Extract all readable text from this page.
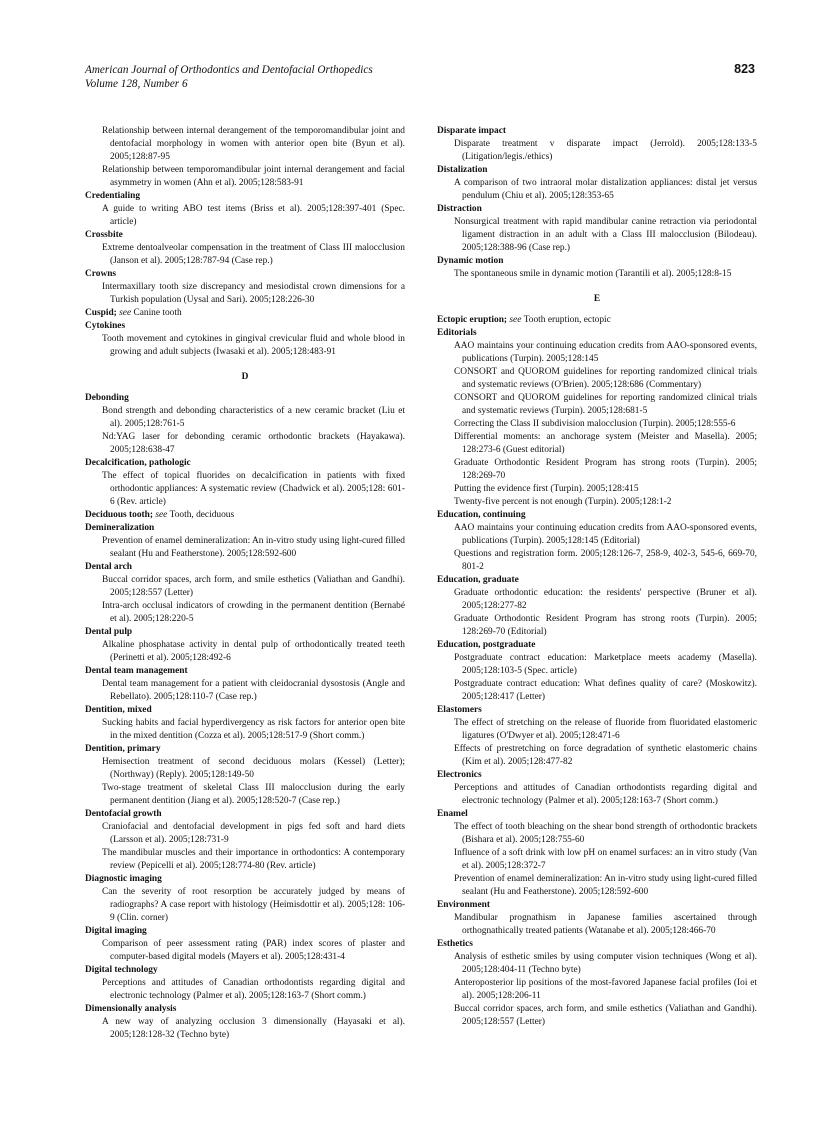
American Journal of Orthodontics and Dentofacial Orthopedics
Volume 128, Number 6
823
Relationship between internal derangement of the temporomandibular joint and dentofacial morphology in women with anterior open bite (Byun et al). 2005;128:87-95
Relationship between temporomandibular joint internal derangement and facial asymmetry in women (Ahn et al). 2005;128:583-91
Credentialing
A guide to writing ABO test items (Briss et al). 2005;128:397-401 (Spec. article)
Crossbite
Extreme dentoalveolar compensation in the treatment of Class III malocclusion (Janson et al). 2005;128:787-94 (Case rep.)
Crowns
Intermaxillary tooth size discrepancy and mesiodistal crown dimensions for a Turkish population (Uysal and Sari). 2005;128:226-30
Cuspid; see Canine tooth
Cytokines
Tooth movement and cytokines in gingival crevicular fluid and whole blood in growing and adult subjects (Iwasaki et al). 2005;128:483-91
D
Debonding
Bond strength and debonding characteristics of a new ceramic bracket (Liu et al). 2005;128:761-5
Nd:YAG laser for debonding ceramic orthodontic brackets (Hayakawa). 2005;128:638-47
Decalcification, pathologic
The effect of topical fluorides on decalcification in patients with fixed orthodontic appliances: A systematic review (Chadwick et al). 2005;128: 601-6 (Rev. article)
Deciduous tooth; see Tooth, deciduous
Demineralization
Prevention of enamel demineralization: An in-vitro study using light-cured filled sealant (Hu and Featherstone). 2005;128:592-600
Dental arch
Buccal corridor spaces, arch form, and smile esthetics (Valiathan and Gandhi). 2005;128:557 (Letter)
Intra-arch occlusal indicators of crowding in the permanent dentition (Bernabé et al). 2005;128:220-5
Dental pulp
Alkaline phosphatase activity in dental pulp of orthodontically treated teeth (Perinetti et al). 2005;128:492-6
Dental team management
Dental team management for a patient with cleidocranial dysostosis (Angle and Rebellato). 2005;128:110-7 (Case rep.)
Dentition, mixed
Sucking habits and facial hyperdivergency as risk factors for anterior open bite in the mixed dentition (Cozza et al). 2005;128:517-9 (Short comm.)
Dentition, primary
Hemisection treatment of second deciduous molars (Kessel) (Letter); (Northway) (Reply). 2005;128:149-50
Two-stage treatment of skeletal Class III malocclusion during the early permanent dentition (Jiang et al). 2005;128:520-7 (Case rep.)
Dentofacial growth
Craniofacial and dentofacial development in pigs fed soft and hard diets (Larsson et al). 2005;128:731-9
The mandibular muscles and their importance in orthodontics: A contemporary review (Pepicelli et al). 2005;128:774-80 (Rev. article)
Diagnostic imaging
Can the severity of root resorption be accurately judged by means of radiographs? A case report with histology (Heimisdottir et al). 2005;128: 106-9 (Clin. corner)
Digital imaging
Comparison of peer assessment rating (PAR) index scores of plaster and computer-based digital models (Mayers et al). 2005;128:431-4
Digital technology
Perceptions and attitudes of Canadian orthodontists regarding digital and electronic technology (Palmer et al). 2005;128:163-7 (Short comm.)
Dimensionally analysis
A new way of analyzing occlusion 3 dimensionally (Hayasaki et al). 2005;128:128-32 (Techno byte)
Disparate impact
Disparate treatment v disparate impact (Jerrold). 2005;128:133-5 (Litigation/legis./ethics)
Distalization
A comparison of two intraoral molar distalization appliances: distal jet versus pendulum (Chiu et al). 2005;128:353-65
Distraction
Nonsurgical treatment with rapid mandibular canine retraction via periodontal ligament distraction in an adult with a Class III malocclusion (Bilodeau). 2005;128:388-96 (Case rep.)
Dynamic motion
The spontaneous smile in dynamic motion (Tarantili et al). 2005;128:8-15
E
Ectopic eruption; see Tooth eruption, ectopic
Editorials
AAO maintains your continuing education credits from AAO-sponsored events, publications (Turpin). 2005;128:145
CONSORT and QUOROM guidelines for reporting randomized clinical trials and systematic reviews (O'Brien). 2005;128:686 (Commentary)
CONSORT and QUOROM guidelines for reporting randomized clinical trials and systematic reviews (Turpin). 2005;128:681-5
Correcting the Class II subdivision malocclusion (Turpin). 2005;128:555-6
Differential moments: an anchorage system (Meister and Masella). 2005; 128:273-6 (Guest editorial)
Graduate Orthodontic Resident Program has strong roots (Turpin). 2005; 128:269-70
Putting the evidence first (Turpin). 2005;128:415
Twenty-five percent is not enough (Turpin). 2005;128:1-2
Education, continuing
AAO maintains your continuing education credits from AAO-sponsored events, publications (Turpin). 2005;128:145 (Editorial)
Questions and registration form. 2005;128:126-7, 258-9, 402-3, 545-6, 669-70, 801-2
Education, graduate
Graduate orthodontic education: the residents' perspective (Bruner et al). 2005;128:277-82
Graduate Orthodontic Resident Program has strong roots (Turpin). 2005; 128:269-70 (Editorial)
Education, postgraduate
Postgraduate contract education: Marketplace meets academy (Masella). 2005;128:103-5 (Spec. article)
Postgraduate contract education: What defines quality of care? (Moskowitz). 2005;128:417 (Letter)
Elastomers
The effect of stretching on the release of fluoride from fluoridated elastomeric ligatures (O'Dwyer et al). 2005;128:471-6
Effects of prestretching on force degradation of synthetic elastomeric chains (Kim et al). 2005;128:477-82
Electronics
Perceptions and attitudes of Canadian orthodontists regarding digital and electronic technology (Palmer et al). 2005;128:163-7 (Short comm.)
Enamel
The effect of tooth bleaching on the shear bond strength of orthodontic brackets (Bishara et al). 2005;128:755-60
Influence of a soft drink with low pH on enamel surfaces: an in vitro study (Van et al). 2005;128:372-7
Prevention of enamel demineralization: An in-vitro study using light-cured filled sealant (Hu and Featherstone). 2005;128:592-600
Environment
Mandibular prognathism in Japanese families ascertained through orthognathically treated patients (Watanabe et al). 2005;128:466-70
Esthetics
Analysis of esthetic smiles by using computer vision techniques (Wong et al). 2005;128:404-11 (Techno byte)
Anteroposterior lip positions of the most-favored Japanese facial profiles (Ioi et al). 2005;128:206-11
Buccal corridor spaces, arch form, and smile esthetics (Valiathan and Gandhi). 2005;128:557 (Letter)
